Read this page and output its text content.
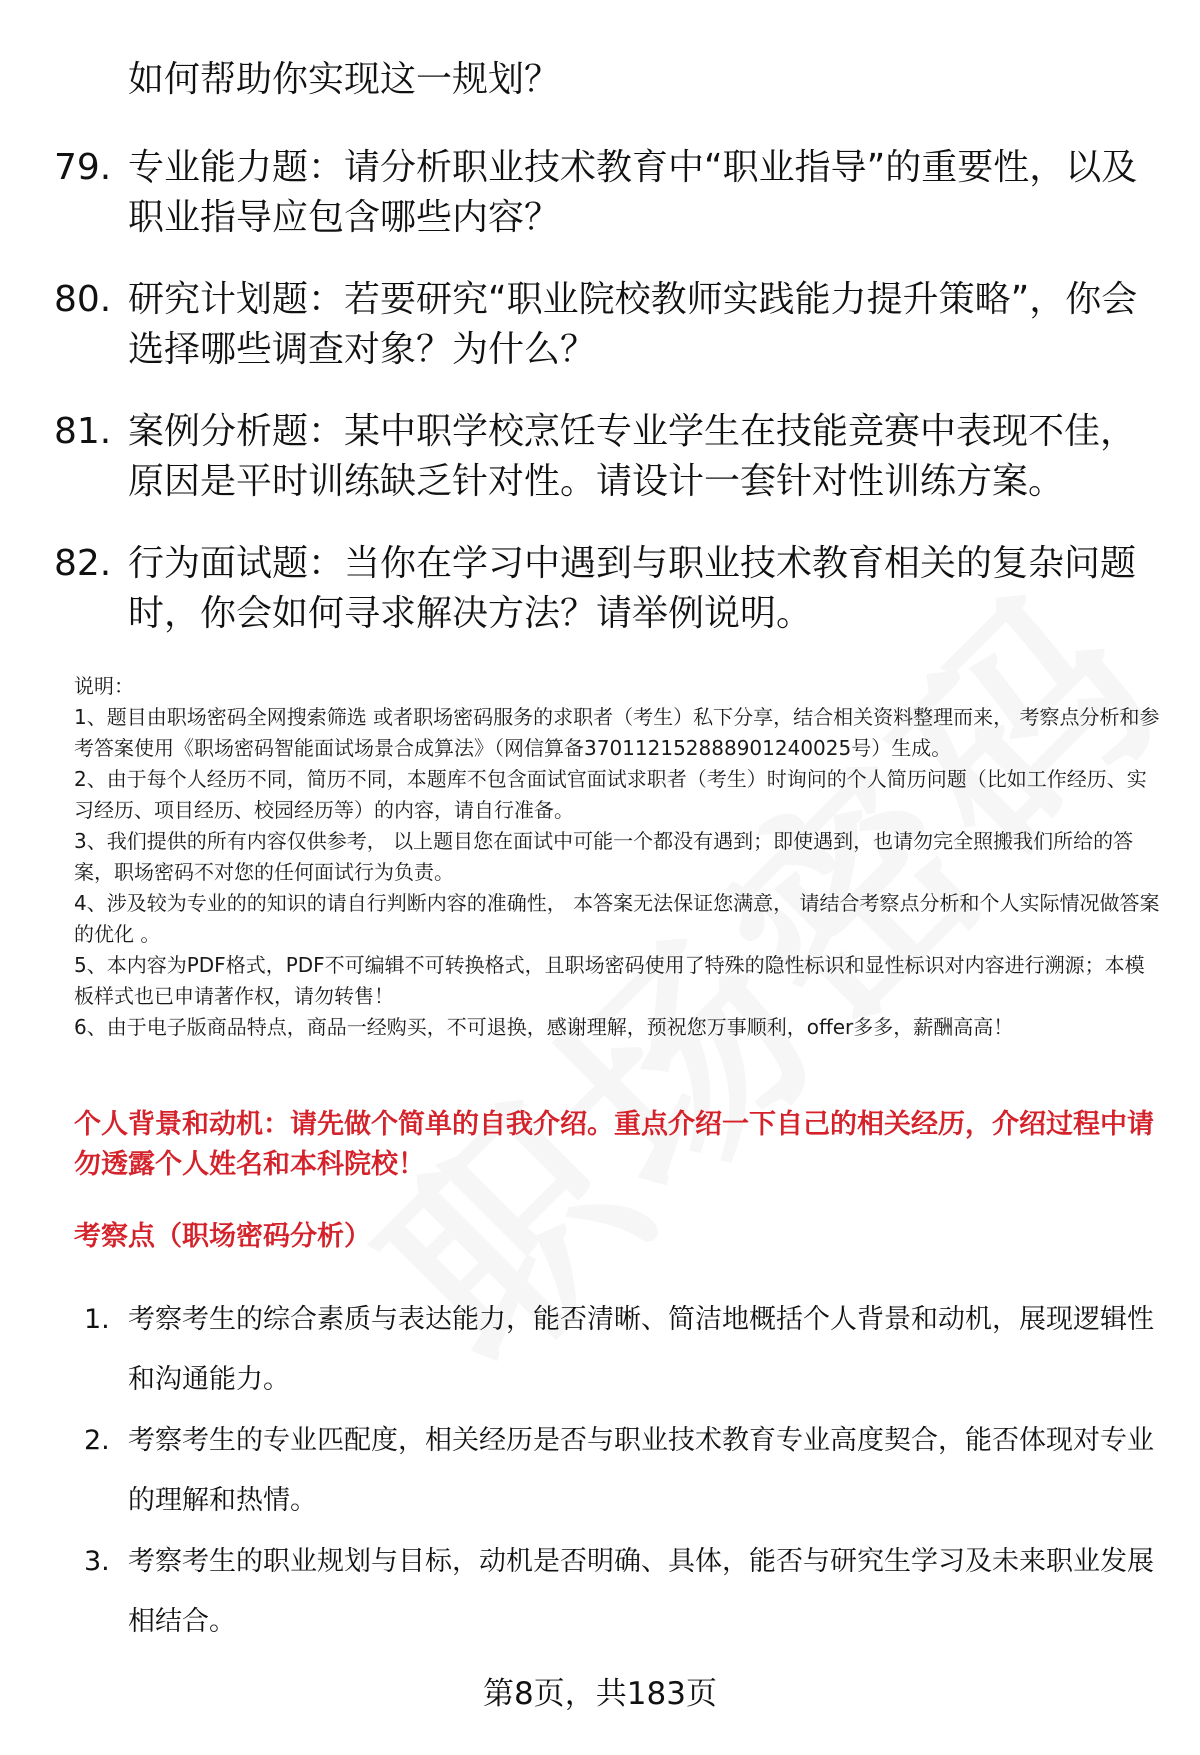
如何帮助你实现这一规划？

79. 专业能力题：请分析职业技术教育中“职业指导”的重要性，以及职业指导应包含哪些内容？
80. 研究计划题：若要研究“职业院校教师实践能力提升策略”，你会选择哪些调查对象？为什么？
81. 案例分析题：某中职学校烹饪专业学生在技能竞赛中表现不佳，原因是平时训练缺乏针对性。请设计一套针对性训练方案。
82. 行为面试题：当你在学习中遇到与职业技术教育相关的复杂问题时，你会如何寻求解决方法？请举例说明。

说明：

1、题目由职场密码全网搜索筛选 或者职场密码服务的求职者（考生）私下分享，结合相关资料整理而来， 考察点分析和参考答案使用《职场密码智能面试场景合成算法》（网信算备370112152888901240025号）生成。

2、由于每个人经历不同，简历不同，本题库不包含面试官面试求职者（考生）时询问的个人简历问题（比如工作经历、实习经历、项目经历、校园经历等）的内容，请自行准备。

3、我们提供的所有内容仅供参考， 以上题目您在面试中可能一个都没有遇到；即使遇到，也请勿完全照搬我们所给的答案，职场密码不对您的任何面试行为负责。

4、涉及较为专业的的知识的请自行判断内容的准确性， 本答案无法保证您满意， 请结合考察点分析和个人实际情况做答案的优化 。

5、本内容为PDF格式，PDF不可编辑不可转换格式，且职场密码使用了特殊的隐性标识和显性标识对内容进行溯源；本模板样式也已申请著作权，请勿转售！

6、由于电子版商品特点，商品一经购买，不可退换，感谢理解，预祝您万事顺利，offer多多，薪酬高高！

个人背景和动机：请先做个简单的自我介绍。重点介绍一下自己的相关经历，介绍过程中请勿透露个人姓名和本科院校！

考察点（职场密码分析）

1. 考察考生的综合素质与表达能力，能否清晰、简洁地概括个人背景和动机，展现逻辑性和沟通能力。
2. 考察考生的专业匹配度，相关经历是否与职业技术教育专业高度契合，能否体现对专业的理解和热情。
3. 考察考生的职业规划与目标，动机是否明确、具体，能否与研究生学习及未来职业发展相结合。
第8页，共183页
